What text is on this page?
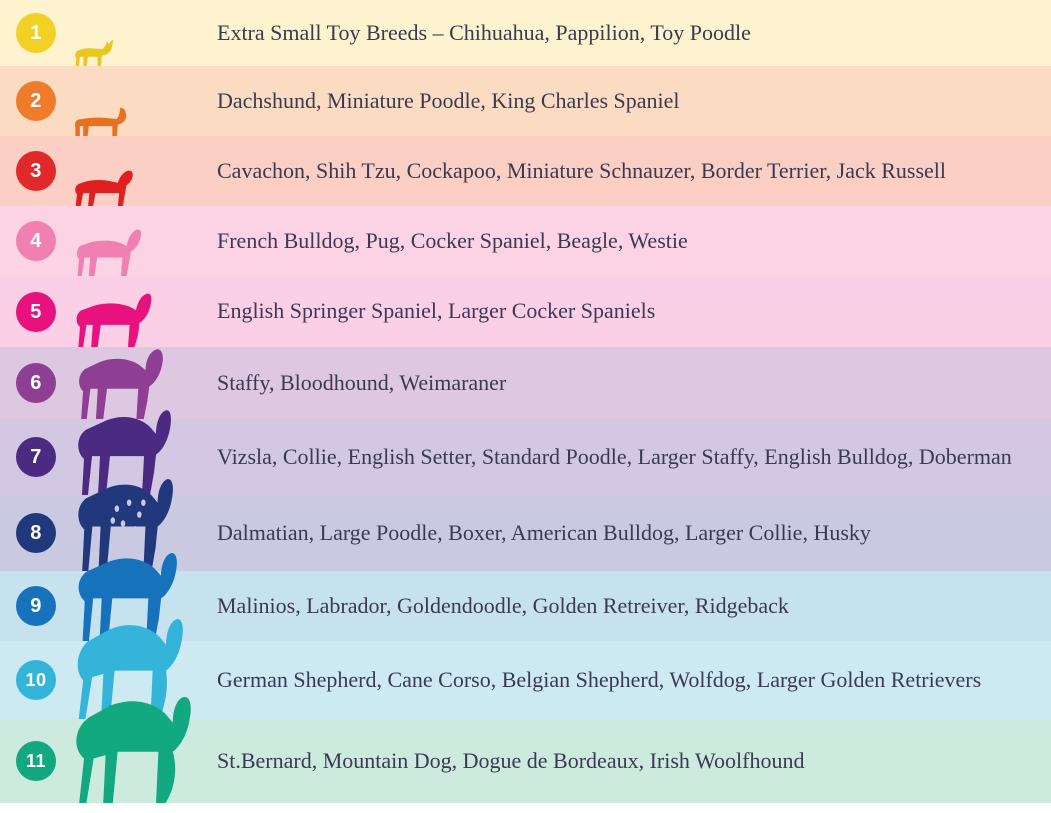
1	Extra Small Toy Breeds – Chihuahua, Pappilion, Toy Poodle
2	Dachshund, Miniature Poodle, King Charles Spaniel
3	Cavachon, Shih Tzu, Cockapoo, Miniature Schnauzer, Border Terrier, Jack Russell
4	French Bulldog, Pug, Cocker Spaniel, Beagle, Westie
5	English Springer Spaniel, Larger Cocker Spaniels
6	Staffy, Bloodhound, Weimaraner
7	Vizsla, Collie, English Setter, Standard Poodle, Larger Staffy, English Bulldog, Doberman
8	Dalmatian, Large Poodle, Boxer, American Bulldog, Larger Collie, Husky
9	Malinios, Labrador, Goldendoodle, Golden Retreiver, Ridgeback
10	German Shepherd, Cane Corso, Belgian Shepherd, Wolfdog, Larger Golden Retrievers
11	St.Bernard, Mountain Dog, Dogue de Bordeaux, Irish Woolfhound
